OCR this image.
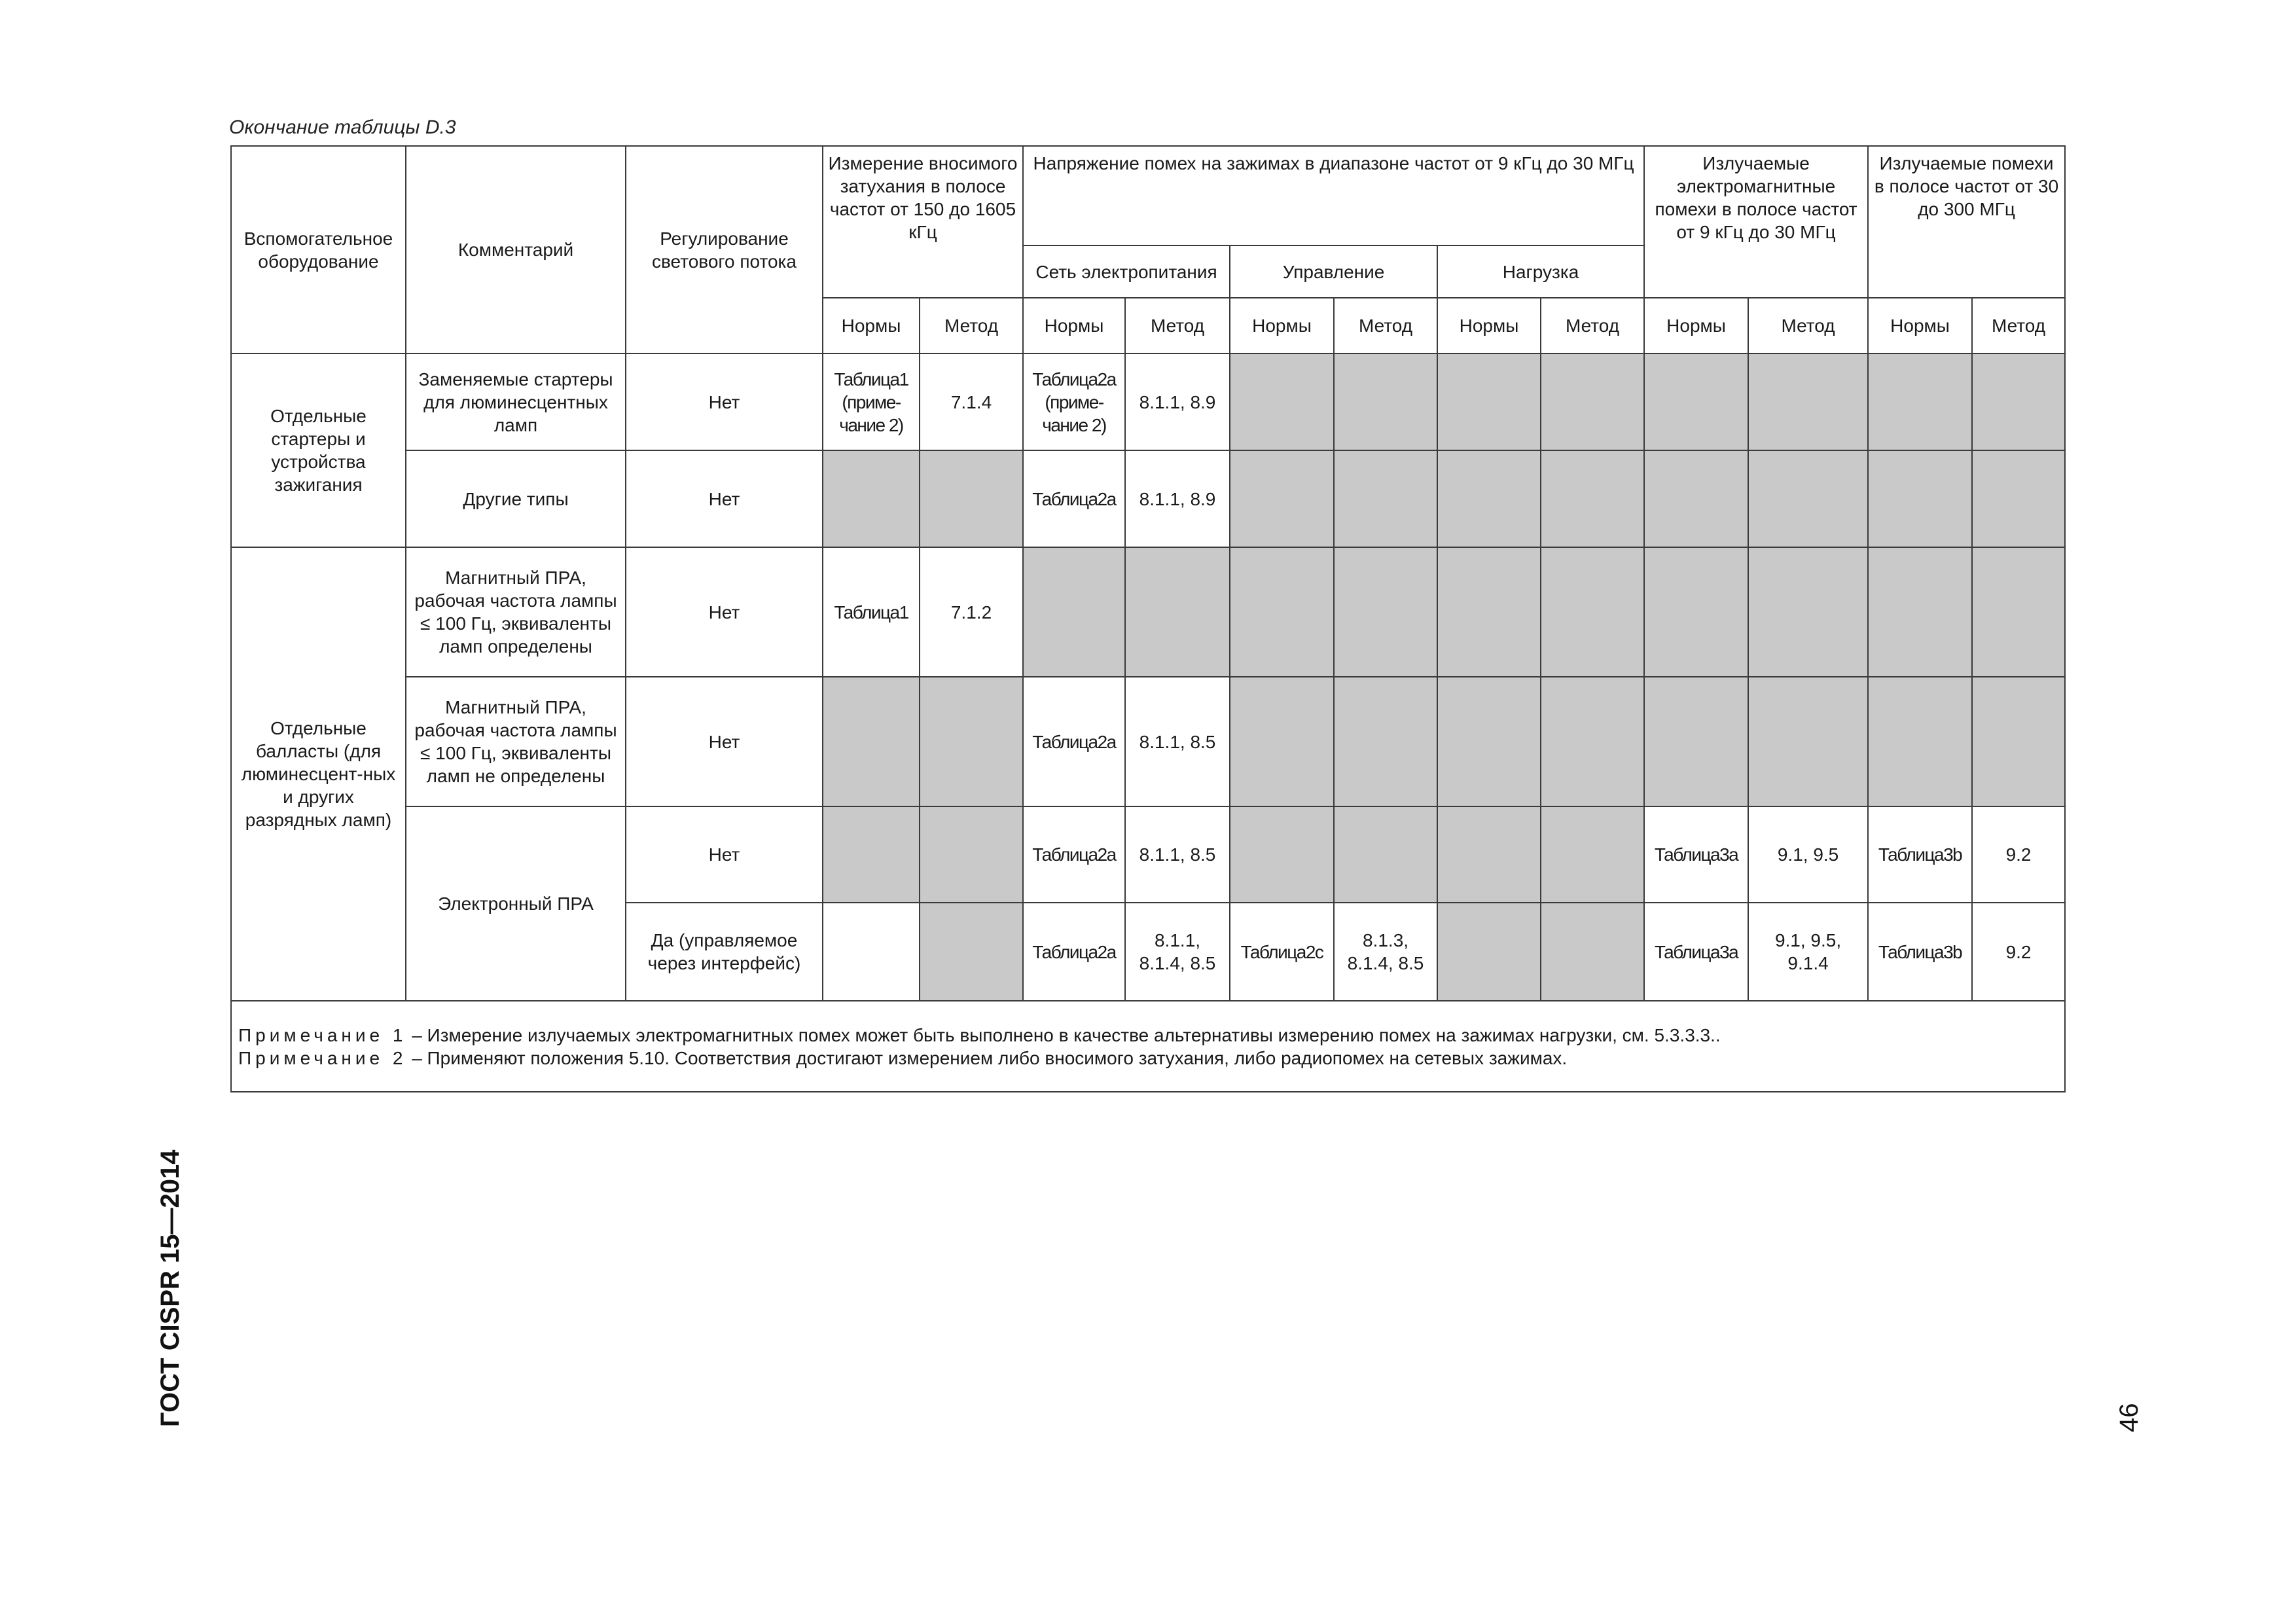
Окончание таблицы D.3
Вспомогательное оборудование	Комментарий	Регулирование светового потока	Измерение вносимого затухания в полосе частот от 150 до 1605 кГц		Напряжение помех на зажимах в диапазоне частот от 9 кГц до 30 МГц						Излучаемые электромагнитные помехи в полосе частот от 9 кГц до 30 МГц		Излучаемые помехи в полосе частот от 30 до 300 МГц	
					Сеть электропитания		Управление		Нагрузка					
			Нормы	Метод	Нормы	Метод	Нормы	Метод	Нормы	Метод	Нормы	Метод	Нормы	Метод
Отдельные стартеры и устройства зажигания	Заменяемые стартеры для люминесцентных ламп	Нет	Таблица1 (приме-чание 2)	7.1.4	Таблица2а (приме-чание 2)	8.1.1, 8.9								
	Другие типы	Нет			Таблица2а	8.1.1, 8.9								
Отдельные балласты (для люминесцент-ных и других разрядных ламп)	Магнитный ПРА, рабочая частота лампы ≤ 100 Гц, эквиваленты ламп определены	Нет	Таблица1	7.1.2										
	Магнитный ПРА, рабочая частота лампы ≤ 100 Гц, эквиваленты ламп не определены	Нет			Таблица2а	8.1.1, 8.5								
	Электронный ПРА	Нет			Таблица2а	8.1.1, 8.5					Таблица3а	9.1, 9.5	Таблица3b	9.2
		Да (управляемое через интерфейс)			Таблица2а	8.1.1, 8.1.4, 8.5	Таблица2с	8.1.3, 8.1.4, 8.5			Таблица3а	9.1, 9.5, 9.1.4	Таблица3b	9.2

Примечание 1 – Измерение излучаемых электромагнитных помех может быть выполнено в качестве альтернативы измерению помех на зажимах нагрузки, см. 5.3.3.3..
Примечание 2 – Применяют положения 5.10. Соответствия достигают измерением либо вносимого затухания, либо радиопомех на сетевых зажимах.														
ГОСТ CISPR 15—2014	46
